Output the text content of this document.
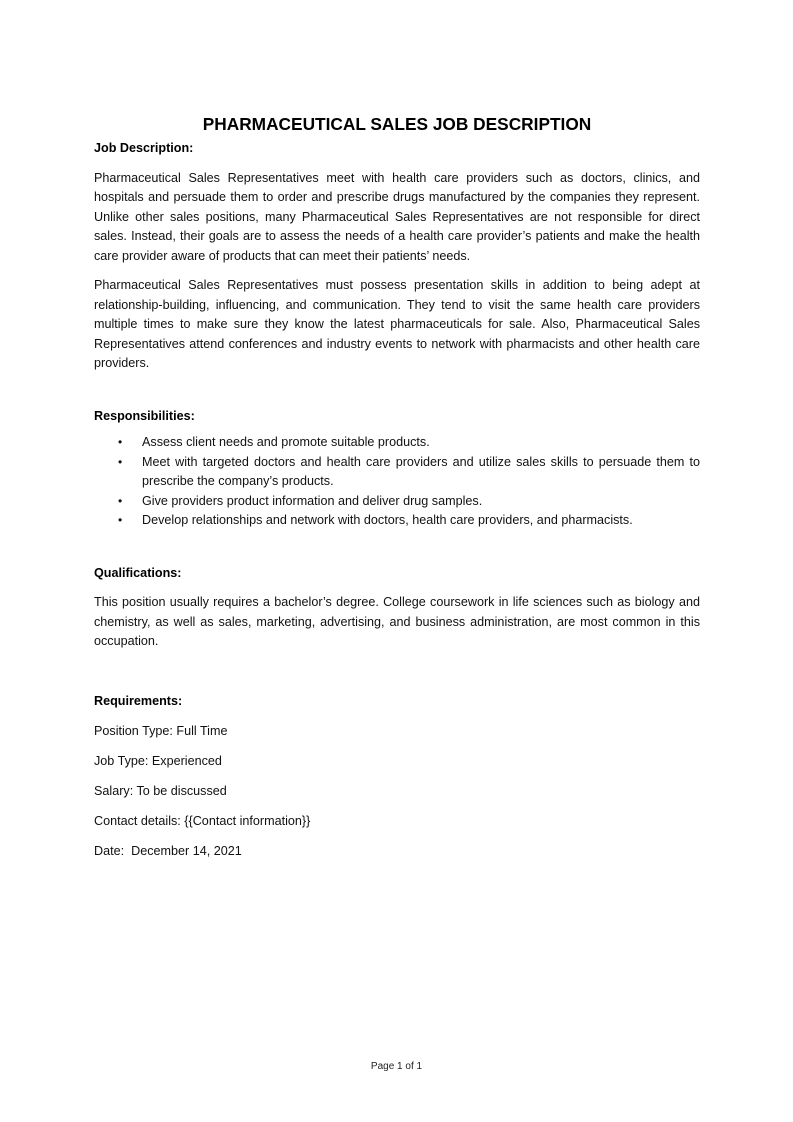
PHARMACEUTICAL SALES JOB DESCRIPTION

Job Description:

Pharmaceutical Sales Representatives meet with health care providers such as doctors, clinics, and hospitals and persuade them to order and prescribe drugs manufactured by the companies they represent. Unlike other sales positions, many Pharmaceutical Sales Representatives are not responsible for direct sales. Instead, their goals are to assess the needs of a health care provider’s patients and make the health care provider aware of products that can meet their patients’ needs.

Pharmaceutical Sales Representatives must possess presentation skills in addition to being adept at relationship-building, influencing, and communication. They tend to visit the same health care providers multiple times to make sure they know the latest pharmaceuticals for sale. Also, Pharmaceutical Sales Representatives attend conferences and industry events to network with pharmacists and other health care providers.

Responsibilities:

• Assess client needs and promote suitable products.
• Meet with targeted doctors and health care providers and utilize sales skills to persuade them to prescribe the company’s products.
• Give providers product information and deliver drug samples.
• Develop relationships and network with doctors, health care providers, and pharmacists.

Qualifications:

This position usually requires a bachelor’s degree. College coursework in life sciences such as biology and chemistry, as well as sales, marketing, advertising, and business administration, are most common in this occupation.

Requirements:

Position Type: Full Time

Job Type: Experienced

Salary: To be discussed

Contact details: {{Contact information}}

Date:  December 14, 2021

Page 1 of 1
